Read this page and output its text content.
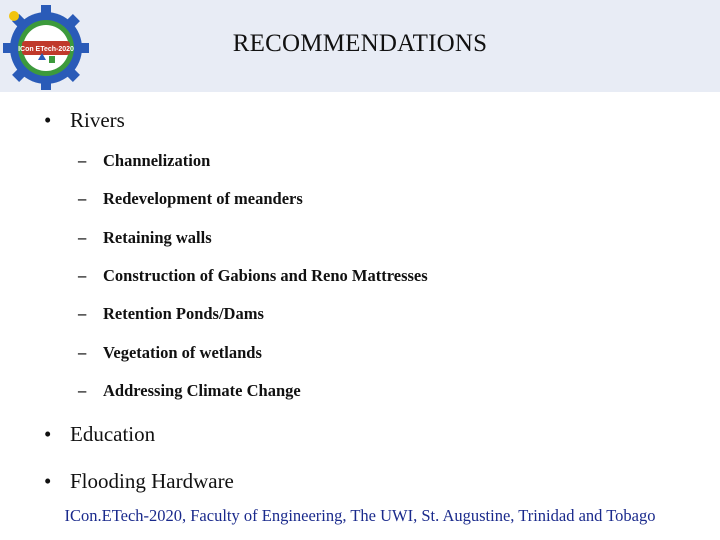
ICon ETech-2020	RECOMMENDATIONS
• Rivers
– Channelization
– Redevelopment of meanders
– Retaining walls
– Construction of Gabions and Reno Mattresses
– Retention Ponds/Dams
– Vegetation of wetlands
– Addressing Climate Change
• Education
• Flooding Hardware
ICon.ETech-2020, Faculty of Engineering, The UWI, St. Augustine, Trinidad and Tobago
